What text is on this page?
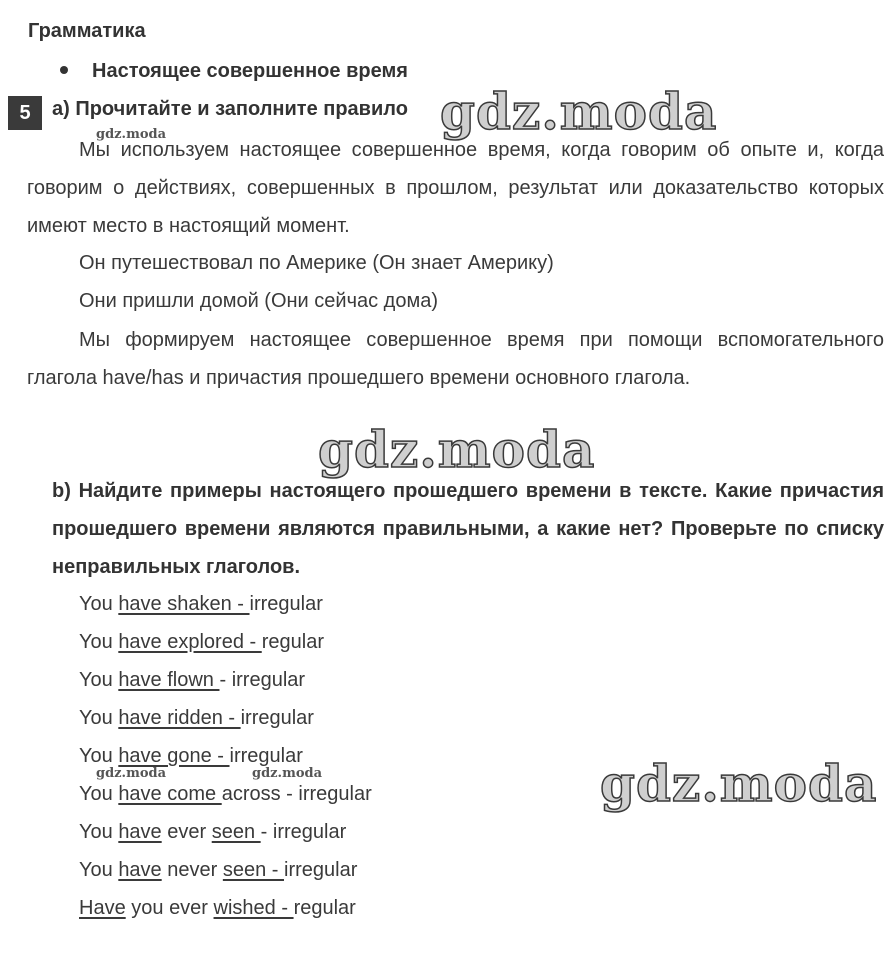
Грамматика
Настоящее совершенное время
5	a) Прочитайте и заполните правило
Мы используем настоящее совершенное время, когда говорим об опыте и, когда говорим о действиях, совершенных в прошлом, результат или доказательство которых имеют место в настоящий момент.
Он путешествовал по Америке (Он знает Америку)
Они пришли домой (Они сейчас дома)
Мы формируем настоящее совершенное время при помощи вспомогательного глагола have/has и причастия прошедшего времени основного глагола.
b) Найдите примеры настоящего прошедшего времени в тексте. Какие причастия прошедшего времени являются правильными, а какие нет? Проверьте по списку неправильных глаголов.
You have shaken - irregular
You have explored - regular
You have flown - irregular
You have ridden - irregular
You have gone - irregular
You have come across - irregular
You have ever seen - irregular
You have never seen - irregular
Have you ever wished - regular
gdz.moda
gdz.moda
gdz.moda
gdz.moda
gdz.moda	gdz.moda
